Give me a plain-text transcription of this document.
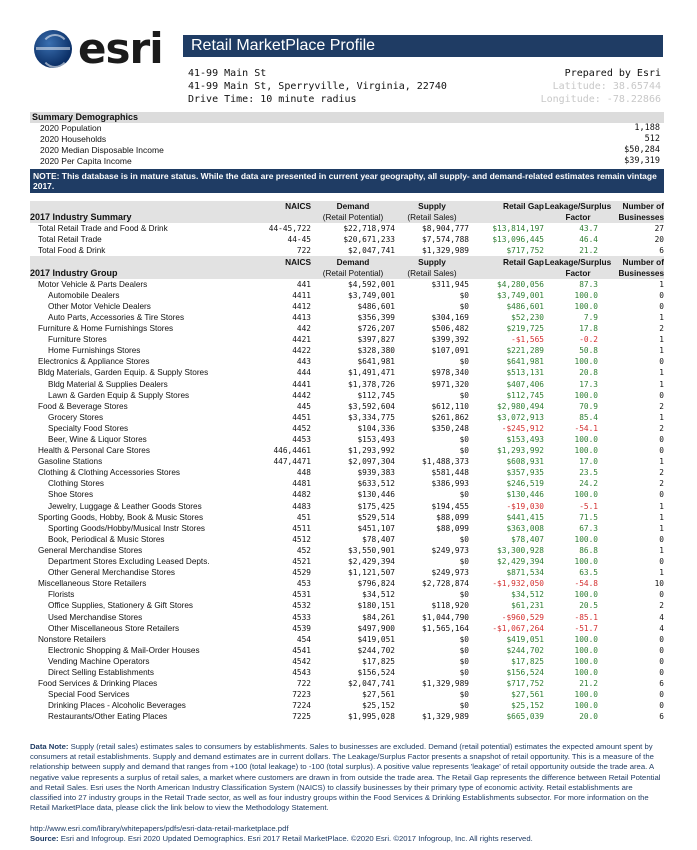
esri	Retail MarketPlace Profile
41-99 Main St
41-99 Main St, Sperryville, Virginia, 22740
Drive Time: 10 minute radius
Prepared by Esri
Latitude: 38.65744
Longitude: -78.22866
Summary Demographics
2020 Population	1,188
2020 Households	512
2020 Median Disposable Income	$50,284
2020 Per Capita Income	$39,319
NOTE: This database is in mature status. While the data are presented in current year geography, all supply- and demand-related estimates remain vintage 2017.
	NAICS	Demand	Supply	Retail Gap	Leakage/Surplus	Number of
2017 Industry Summary		(Retail Potential)	(Retail Sales)		Factor	Businesses
Total Retail Trade and Food & Drink	44-45,722	$22,718,974	$8,904,777	$13,814,197	43.7	27
Total Retail Trade	44-45	$20,671,233	$7,574,788	$13,096,445	46.4	20
Total Food & Drink	722	$2,047,741	$1,329,989	$717,752	21.2	6
	NAICS	Demand	Supply	Retail Gap	Leakage/Surplus	Number of
2017 Industry Group		(Retail Potential)	(Retail Sales)		Factor	Businesses
Motor Vehicle & Parts Dealers	441	$4,592,001	$311,945	$4,280,056	87.3	1
Automobile Dealers	4411	$3,749,001	$0	$3,749,001	100.0	0
Other Motor Vehicle Dealers	4412	$486,601	$0	$486,601	100.0	0
Auto Parts, Accessories & Tire Stores	4413	$356,399	$304,169	$52,230	7.9	1
Furniture & Home Furnishings Stores	442	$726,207	$506,482	$219,725	17.8	2
Furniture Stores	4421	$397,827	$399,392	-$1,565	-0.2	1
Home Furnishings Stores	4422	$328,380	$107,091	$221,289	50.8	1
Electronics & Appliance Stores	443	$641,981	$0	$641,981	100.0	0
Bldg Materials, Garden Equip. & Supply Stores	444	$1,491,471	$978,340	$513,131	20.8	1
Bldg Material & Supplies Dealers	4441	$1,378,726	$971,320	$407,406	17.3	1
Lawn & Garden Equip & Supply Stores	4442	$112,745	$0	$112,745	100.0	0
Food & Beverage Stores	445	$3,592,604	$612,110	$2,980,494	70.9	2
Grocery Stores	4451	$3,334,775	$261,862	$3,072,913	85.4	1
Specialty Food Stores	4452	$104,336	$350,248	-$245,912	-54.1	2
Beer, Wine & Liquor Stores	4453	$153,493	$0	$153,493	100.0	0
Health & Personal Care Stores	446,4461	$1,293,992	$0	$1,293,992	100.0	0
Gasoline Stations	447,4471	$2,097,304	$1,488,373	$608,931	17.0	1
Clothing & Clothing Accessories Stores	448	$939,383	$581,448	$357,935	23.5	2
Clothing Stores	4481	$633,512	$386,993	$246,519	24.2	2
Shoe Stores	4482	$130,446	$0	$130,446	100.0	0
Jewelry, Luggage & Leather Goods Stores	4483	$175,425	$194,455	-$19,030	-5.1	1
Sporting Goods, Hobby, Book & Music Stores	451	$529,514	$88,099	$441,415	71.5	1
Sporting Goods/Hobby/Musical Instr Stores	4511	$451,107	$88,099	$363,008	67.3	1
Book, Periodical & Music Stores	4512	$78,407	$0	$78,407	100.0	0
General Merchandise Stores	452	$3,550,901	$249,973	$3,300,928	86.8	1
Department Stores Excluding Leased Depts.	4521	$2,429,394	$0	$2,429,394	100.0	0
Other General Merchandise Stores	4529	$1,121,507	$249,973	$871,534	63.5	1
Miscellaneous Store Retailers	453	$796,824	$2,728,874	-$1,932,050	-54.8	10
Florists	4531	$34,512	$0	$34,512	100.0	0
Office Supplies, Stationery & Gift Stores	4532	$180,151	$118,920	$61,231	20.5	2
Used Merchandise Stores	4533	$84,261	$1,044,790	-$960,529	-85.1	4
Other Miscellaneous Store Retailers	4539	$497,900	$1,565,164	-$1,067,264	-51.7	4
Nonstore Retailers	454	$419,051	$0	$419,051	100.0	0
Electronic Shopping & Mail-Order Houses	4541	$244,702	$0	$244,702	100.0	0
Vending Machine Operators	4542	$17,825	$0	$17,825	100.0	0
Direct Selling Establishments	4543	$156,524	$0	$156,524	100.0	0
Food Services & Drinking Places	722	$2,047,741	$1,329,989	$717,752	21.2	6
Special Food Services	7223	$27,561	$0	$27,561	100.0	0
Drinking Places - Alcoholic Beverages	7224	$25,152	$0	$25,152	100.0	0
Restaurants/Other Eating Places	7225	$1,995,028	$1,329,989	$665,039	20.0	6
Data Note: Supply (retail sales) estimates sales to consumers by establishments. Sales to businesses are excluded. Demand (retail potential) estimates the expected amount spent by consumers at retail establishments. Supply and demand estimates are in current dollars. The Leakage/Surplus Factor presents a snapshot of retail opportunity. This is a measure of the relationship between supply and demand that ranges from +100 (total leakage) to -100 (total surplus). A positive value represents 'leakage' of retail opportunity outside the trade area. A negative value represents a surplus of retail sales, a market where customers are drawn in from outside the trade area. The Retail Gap represents the difference between Retail Potential and Retail Sales. Esri uses the North American Industry Classification System (NAICS) to classify businesses by their primary type of economic activity. Retail establishments are classified into 27 industry groups in the Retail Trade sector, as well as four industry groups within the Food Services & Drinking Establishments subsector. For more information on the Retail MarketPlace data, please click the link below to view the Methodology Statement.
http://www.esri.com/library/whitepapers/pdfs/esri-data-retail-marketplace.pdf
Source: Esri and Infogroup. Esri 2020 Updated Demographics. Esri 2017 Retail MarketPlace. ©2020 Esri. ©2017 Infogroup, Inc. All rights reserved.
